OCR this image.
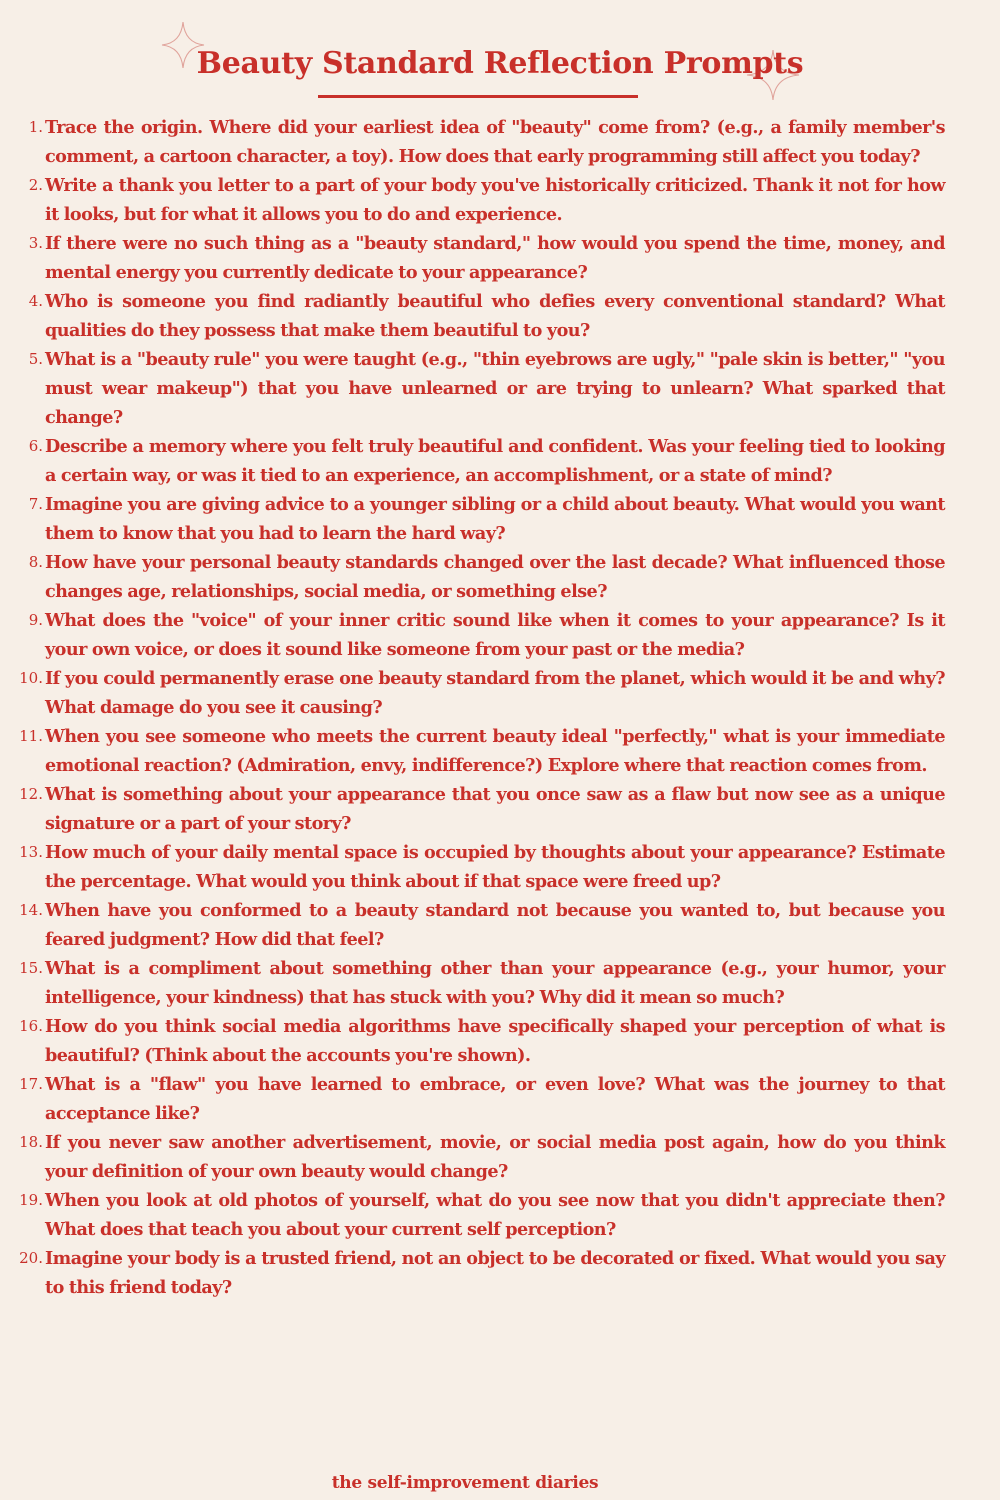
Beauty Standard Reflection Prompts
1. Trace the origin. Where did your earliest idea of "beauty" come from? (e.g., a family member's comment, a cartoon character, a toy). How does that early programming still affect you today?
2. Write a thank you letter to a part of your body you've historically criticized. Thank it not for how it looks, but for what it allows you to do and experience.
3. If there were no such thing as a "beauty standard," how would you spend the time, money, and mental energy you currently dedicate to your appearance?
4. Who is someone you find radiantly beautiful who defies every conventional standard? What qualities do they possess that make them beautiful to you?
5. What is a "beauty rule" you were taught (e.g., "thin eyebrows are ugly," "pale skin is better," "you must wear makeup") that you have unlearned or are trying to unlearn? What sparked that change?
6. Describe a memory where you felt truly beautiful and confident. Was your feeling tied to looking a certain way, or was it tied to an experience, an accomplishment, or a state of mind?
7. Imagine you are giving advice to a younger sibling or a child about beauty. What would you want them to know that you had to learn the hard way?
8. How have your personal beauty standards changed over the last decade? What influenced those changes age, relationships, social media, or something else?
9. What does the "voice" of your inner critic sound like when it comes to your appearance? Is it your own voice, or does it sound like someone from your past or the media?
10. If you could permanently erase one beauty standard from the planet, which would it be and why? What damage do you see it causing?
11. When you see someone who meets the current beauty ideal "perfectly," what is your immediate emotional reaction? (Admiration, envy, indifference?) Explore where that reaction comes from.
12. What is something about your appearance that you once saw as a flaw but now see as a unique signature or a part of your story?
13. How much of your daily mental space is occupied by thoughts about your appearance? Estimate the percentage. What would you think about if that space were freed up?
14. When have you conformed to a beauty standard not because you wanted to, but because you feared judgment? How did that feel?
15. What is a compliment about something other than your appearance (e.g., your humor, your intelligence, your kindness) that has stuck with you? Why did it mean so much?
16. How do you think social media algorithms have specifically shaped your perception of what is beautiful? (Think about the accounts you're shown).
17. What is a "flaw" you have learned to embrace, or even love? What was the journey to that acceptance like?
18. If you never saw another advertisement, movie, or social media post again, how do you think your definition of your own beauty would change?
19. When you look at old photos of yourself, what do you see now that you didn't appreciate then? What does that teach you about your current self perception?
20. Imagine your body is a trusted friend, not an object to be decorated or fixed. What would you say to this friend today?
the self-improvement diaries
